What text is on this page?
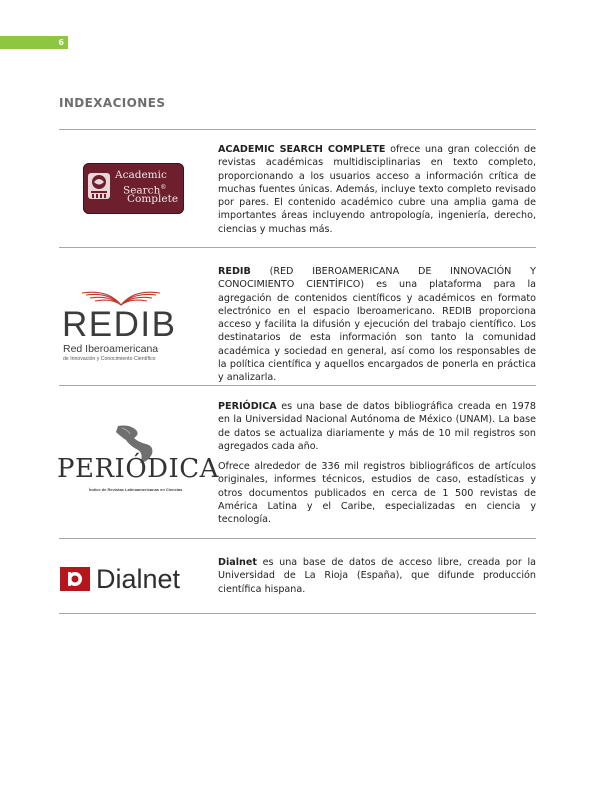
6
INDEXACIONES
Academic
Search®
Complete

ACADEMIC SEARCH COMPLETE ofrece una gran colección de revistas académicas multidisciplinarias en texto completo, proporcionando a los usuarios acceso a información crítica de muchas fuentes únicas. Además, incluye texto completo revisado por pares. El contenido académico cubre una amplia gama de importantes áreas incluyendo antropología, ingeniería, derecho, ciencias y muchas más.

REDIB
Red Iberoamericana
de Innovación y Conocimiento Científico

REDIB (RED IBEROAMERICANA DE INNOVACIÓN Y CONOCIMIENTO CIENTÍFICO) es una plataforma para la agregación de contenidos científicos y académicos en formato electrónico en el espacio Iberoamericano. REDIB proporciona acceso y facilita la difusión y ejecución del trabajo científico. Los destinatarios de esta información son tanto la comunidad académica y sociedad en general, así como los responsables de la política científica y aquellos encargados de ponerla en práctica y analizarla.

PERIÓDICA
Índice de Revistas Latinoamericanas en Ciencias

PERIÓDICA es una base de datos bibliográfica creada en 1978 en la Universidad Nacional Autónoma de México (UNAM). La base de datos se actualiza diariamente y más de 10 mil registros son agregados cada año.

Ofrece alrededor de 336 mil registros bibliográficos de artículos originales, informes técnicos, estudios de caso, estadísticas y otros documentos publicados en cerca de 1 500 revistas de América Latina y el Caribe, especializadas en ciencia y tecnología.

Dialnet

Dialnet es una base de datos de acceso libre, creada por la Universidad de La Rioja (España), que difunde producción científica hispana.
